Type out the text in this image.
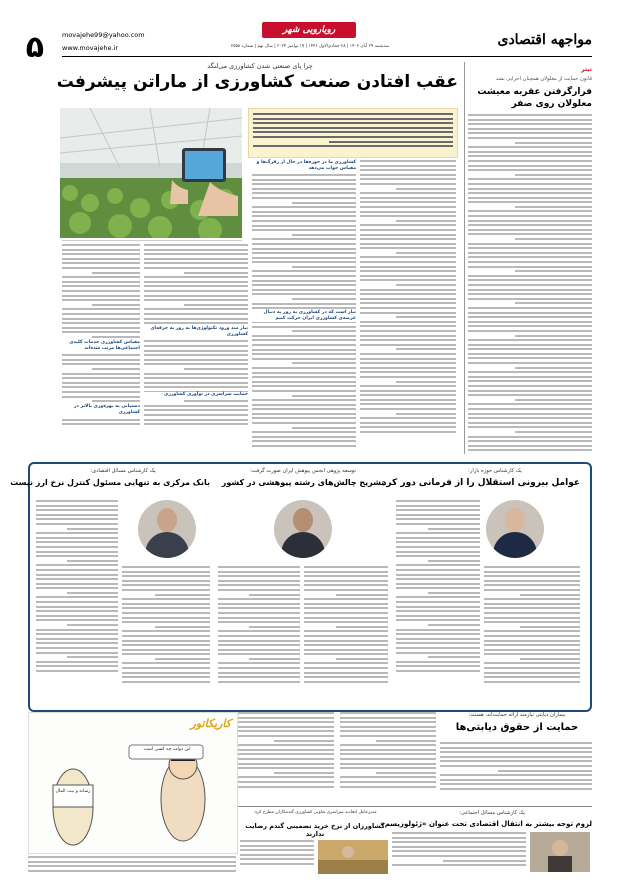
۵	movajehe99@yahoo.com
www.movajehe.ir
رویارویی شهر
سه‌شنبه ۲۹ آبان ۱۴۰۳ | ۲۸ جمادی‌الاول ۱۴۴۶ | ۱۹ نوامبر ۲۰۲۴ | سال نهم | شماره ۲۵۵۸	مواجهه اقتصادی
تیتر
قانون حمایت از معلولان همچنان اجرایی نشد
فرار‌گرفتن عقربه معیشت معلولان روی صفر
چرا پای صنعتی شدن کشاورزی می‌لنگد
عقب افتادن صنعت کشاورزی از ماراتن پیشرفت
کشاورزی ما در حوزه‌ها در حال از رفرگ‌ها و مقیاس جواب می‌دهد
نیاز است که در کشاورزی به روز به دنبال عرضه‌ی کشاورزی ایران حرکت کنیم
نیاز مند ورود تکنولوژی‌ها به روز به حرفه‌ای کشاورزی
حمایت سراسری در نوآوری کشاورزی
مقیاس کشاورزی خدمات کلیدی اجتماعی‌ها مرتب شده‌اند
دستیابی به بهره‌وری بالاتر در کشاورزی
یک کارشناس حوزه بازار:
عوامل بیرونی استقلال را از فرمانی دور کرد
توسعه پژوهی انجمن پیوهش ایران صورت گرفت:
تشریح چالش‌های رشته پیوهشی در کشور
یک کارشناس مسائل اقتصادی:
بانک مرکزی به تنهایی مسئول کنترل نرخ ارز نیست
بیماران دیابتی نیازمند ارائه حمایت‌اند، هستند:
حمایت از حقوق دیابتی‌ها
کاریکاتور
رسانه و بیت المال
این دولت چه کسی است
یک کارشناس مسائل اجتماعی:
لزوم توجه بیشتر به انتقال اقتصادی تحت عنوان «ژئولوزیسم»
مدیرعامل اتحادیه سراسری تعاونی کشاورزی گندمکاران مطرح کرد:
کشاورزان از نرخ خرید تضمینی گندم رضایت ندارند
